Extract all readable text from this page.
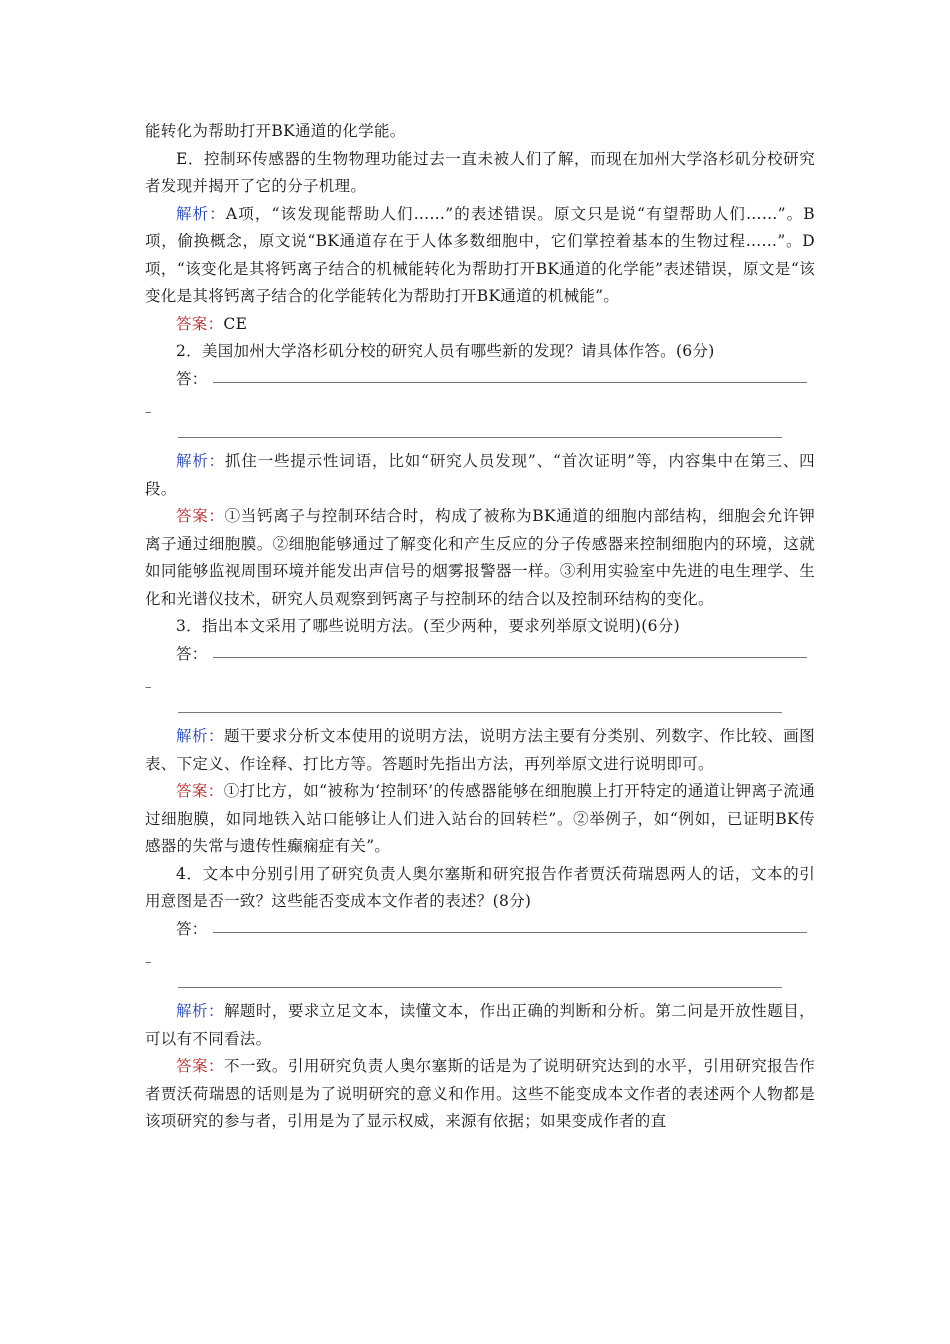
能转化为帮助打开BK通道的化学能。

E．控制环传感器的生物物理功能过去一直未被人们了解，而现在加州大学洛杉矶分校研究者发现并揭开了它的分子机理。

解析：A项，“该发现能帮助人们……”的表述错误。原文只是说“有望帮助人们……”。B项，偷换概念，原文说“BK通道存在于人体多数细胞中，它们掌控着基本的生物过程……”。D项，“该变化是其将钙离子结合的机械能转化为帮助打开BK通道的化学能”表述错误，原文是“该变化是其将钙离子结合的化学能转化为帮助打开BK通道的机械能”。

答案：CE

2．美国加州大学洛杉矶分校的研究人员有哪些新的发现？请具体作答。(6分)

答：
–

解析：抓住一些提示性词语，比如“研究人员发现”、“首次证明”等，内容集中在第三、四段。

答案：①当钙离子与控制环结合时，构成了被称为BK通道的细胞内部结构，细胞会允许钾离子通过细胞膜。②细胞能够通过了解变化和产生反应的分子传感器来控制细胞内的环境，这就如同能够监视周围环境并能发出声信号的烟雾报警器一样。③利用实验室中先进的电生理学、生化和光谱仪技术，研究人员观察到钙离子与控制环的结合以及控制环结构的变化。

3．指出本文采用了哪些说明方法。(至少两种，要求列举原文说明)(6分)

答：
–

解析：题干要求分析文本使用的说明方法，说明方法主要有分类别、列数字、作比较、画图表、下定义、作诠释、打比方等。答题时先指出方法，再列举原文进行说明即可。

答案：①打比方，如“被称为‘控制环’的传感器能够在细胞膜上打开特定的通道让钾离子流通过细胞膜，如同地铁入站口能够让人们进入站台的回转栏”。②举例子，如“例如，已证明BK传感器的失常与遗传性癫痫症有关”。

4．文本中分别引用了研究负责人奥尔塞斯和研究报告作者贾沃荷瑞恩两人的话，文本的引用意图是否一致？这些能否变成本文作者的表述？(8分)

答：
–

解析：解题时，要求立足文本，读懂文本，作出正确的判断和分析。第二问是开放性题目，可以有不同看法。

答案：不一致。引用研究负责人奥尔塞斯的话是为了说明研究达到的水平，引用研究报告作者贾沃荷瑞恩的话则是为了说明研究的意义和作用。这些不能变成本文作者的表述两个人物都是该项研究的参与者，引用是为了显示权威，来源有依据；如果变成作者的直
